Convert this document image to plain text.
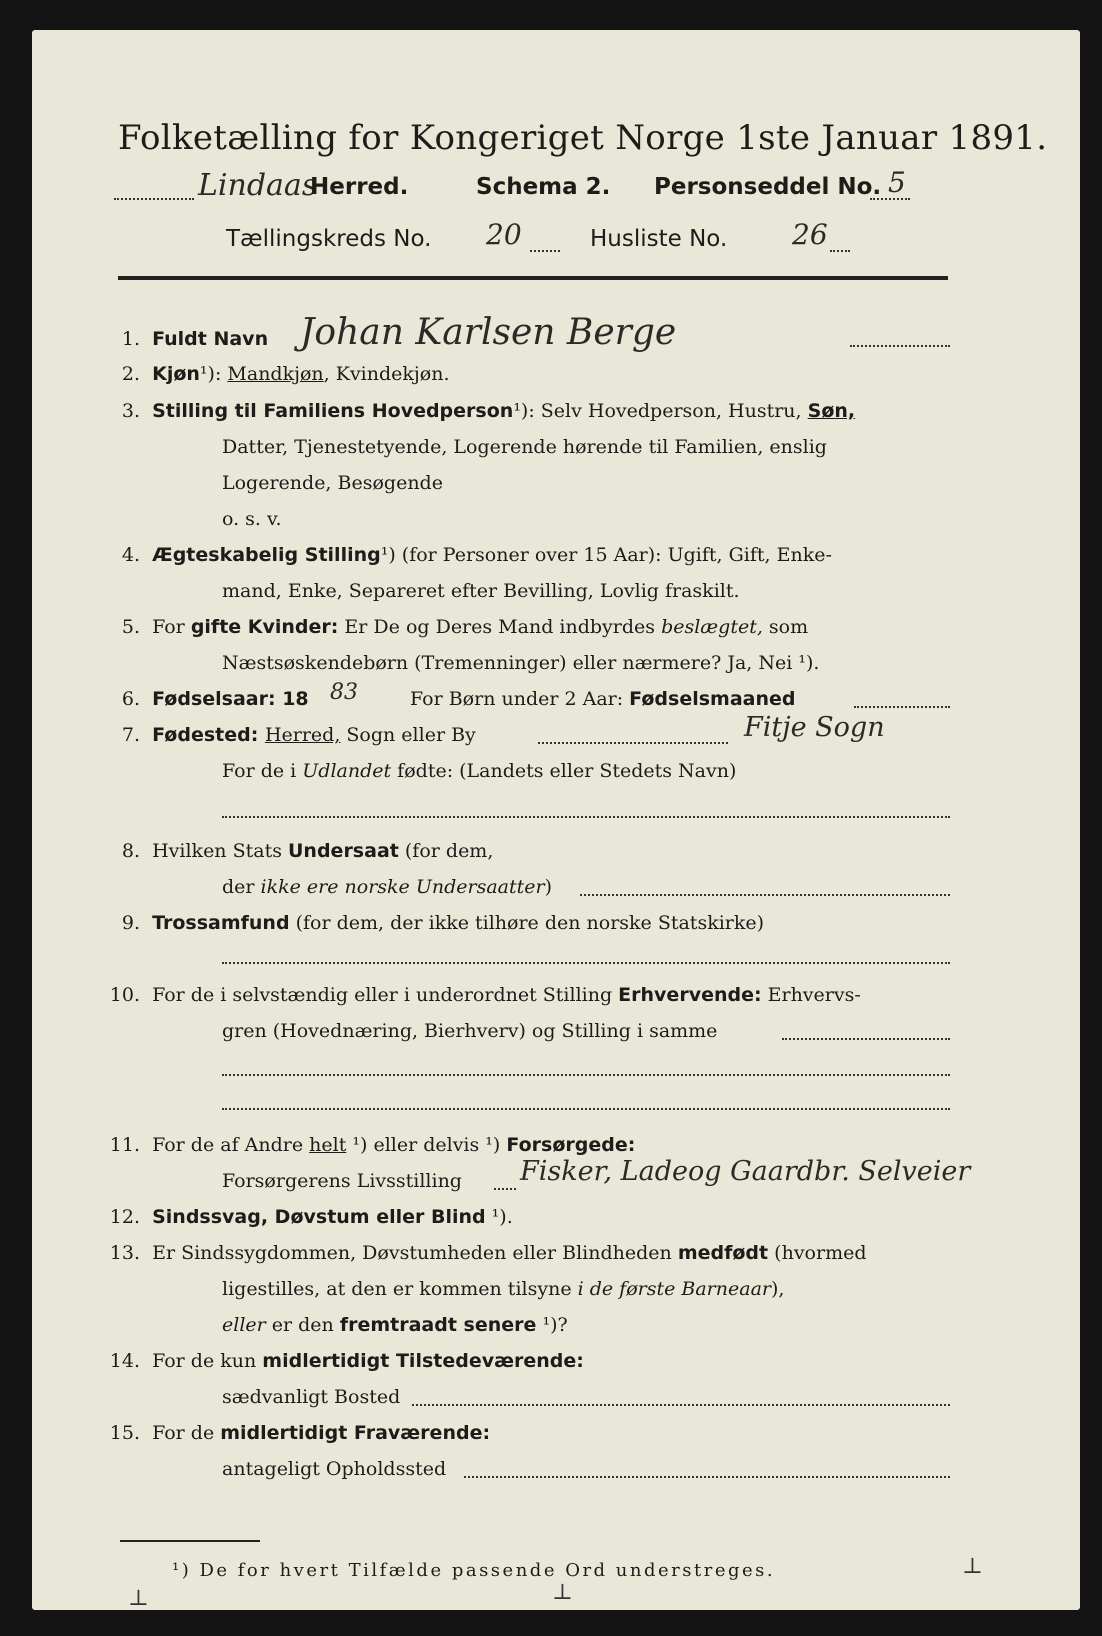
Folketælling for Kongeriget Norge 1ste Januar 1891.
Lindaas
Herred.	Schema 2. Personseddel No. 5
Tællingskreds No. 20	Husliste No. 26
1. Fuldt Navn Johan Karlsen Berge
2. Kjøn¹): Mandkjøn, Kvindekjøn.
3. Stilling til Familiens Hovedperson¹): Selv Hovedperson, Hustru, Søn,
Datter, Tjenestetyende, Logerende hørende til Familien, enslig
Logerende, Besøgende
o. s. v.
4. Ægteskabelig Stilling¹) (for Personer over 15 Aar): Ugift, Gift, Enke-
mand, Enke, Separeret efter Bevilling, Lovlig fraskilt.
5. For gifte Kvinder: Er De og Deres Mand indbyrdes beslægtet, som
Næstsøskendebørn (Tremenninger) eller nærmere? Ja, Nei ¹).
6. Fødselsaar: 18 83	For Børn under 2 Aar: Fødselsmaaned
7. Fødested: Herred, Sogn eller By	Fitje Sogn
For de i Udlandet fødte: (Landets eller Stedets Navn)
8. Hvilken Stats Undersaat (for dem,
der ikke ere norske Undersaatter)
9. Trossamfund (for dem, der ikke tilhøre den norske Statskirke)
10. For de i selvstændig eller i underordnet Stilling Erhvervende: Erhvervs-
gren (Hovednæring, Bierhverv) og Stilling i samme
11. For de af Andre helt ¹) eller delvis ¹) Forsørgede:
Forsørgerens Livsstilling Fisker, Ladeog Gaardbr. Selveier
12. Sindssvag, Døvstum eller Blind ¹).
13. Er Sindssygdommen, Døvstumheden eller Blindheden medfødt (hvormed
ligestilles, at den er kommen tilsyne i de første Barneaar),
eller er den fremtraadt senere ¹)?
14. For de kun midlertidigt Tilstedeværende:
sædvanligt Bosted
15. For de midlertidigt Fraværende:
antageligt Opholdssted
¹) De for hvert Tilfælde passende Ord understreges.
⊥	⊥
⊥
